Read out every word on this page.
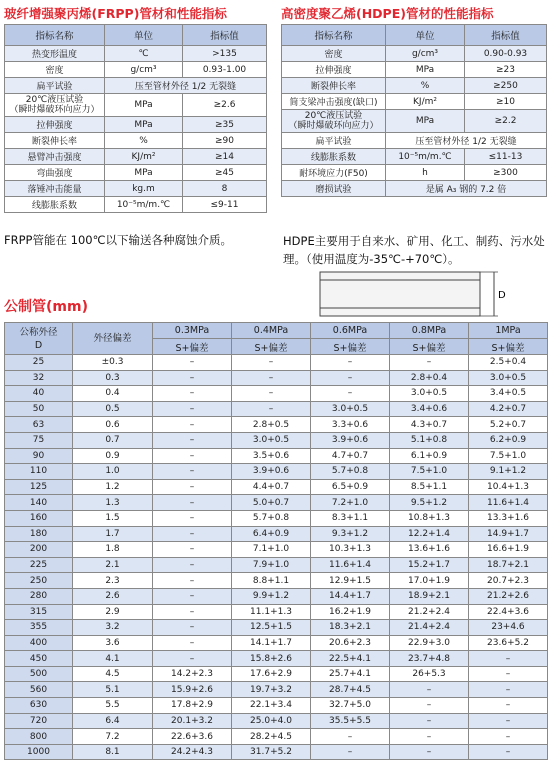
玻纤增强聚丙烯(FRPP)管材和性能指标
指标名称	单位	指标值
热变形温度	℃	>135
密度	g/cm³	0.93-1.00
扁平试验	压至管材外径 1/2 无裂缝	
20℃液压试验
（瞬时爆破环向应力）	MPa	≥2.6
拉伸强度	MPa	≥35
断裂伸长率	%	≥90
悬臂冲击强度	KJ/m²	≥14
弯曲强度	MPa	≥45
落锤冲击能量	kg.m	8
线膨胀系数	10⁻⁵m/m.℃	≤9-11
FRPP管能在 100℃以下输送各种腐蚀介质。
高密度聚乙烯(HDPE)管材的性能指标
指标名称	单位	指标值
密度	g/cm³	0.90-0.93
拉伸强度	MPa	≥23
断裂伸长率	%	≥250
简支梁冲击强度(缺口)	KJ/m²	≥10
20℃液压试验
（瞬时爆破环向应力）	MPa	≥2.2
扁平试验	压至管材外径 1/2 无裂缝	
线膨胀系数	10⁻⁵m/m.℃	≤11-13
耐环境应力(F50)	h	≥300
磨损试验	是属 A₃ 钢的 7.2 倍	
HDPE主要用于自来水、矿用、化工、制药、污水处理。（使用温度为-35℃-+70℃）。
D
公制管(mm)
公称外径
D	外径偏差	0.3MPa	0.4MPa	0.6MPa	0.8MPa	1MPa
		S+偏差	S+偏差	S+偏差	S+偏差	S+偏差
25	±0.3	–	–	–	–	2.5+0.4
32	0.3	–	–	–	2.8+0.4	3.0+0.5
40	0.4	–	–	–	3.0+0.5	3.4+0.5
50	0.5	–	–	3.0+0.5	3.4+0.6	4.2+0.7
63	0.6	–	2.8+0.5	3.3+0.6	4.3+0.7	5.2+0.7
75	0.7	–	3.0+0.5	3.9+0.6	5.1+0.8	6.2+0.9
90	0.9	–	3.5+0.6	4.7+0.7	6.1+0.9	7.5+1.0
110	1.0	–	3.9+0.6	5.7+0.8	7.5+1.0	9.1+1.2
125	1.2	–	4.4+0.7	6.5+0.9	8.5+1.1	10.4+1.3
140	1.3	–	5.0+0.7	7.2+1.0	9.5+1.2	11.6+1.4
160	1.5	–	5.7+0.8	8.3+1.1	10.8+1.3	13.3+1.6
180	1.7	–	6.4+0.9	9.3+1.2	12.2+1.4	14.9+1.7
200	1.8	–	7.1+1.0	10.3+1.3	13.6+1.6	16.6+1.9
225	2.1	–	7.9+1.0	11.6+1.4	15.2+1.7	18.7+2.1
250	2.3	–	8.8+1.1	12.9+1.5	17.0+1.9	20.7+2.3
280	2.6	–	9.9+1.2	14.4+1.7	18.9+2.1	21.2+2.6
315	2.9	–	11.1+1.3	16.2+1.9	21.2+2.4	22.4+3.6
355	3.2	–	12.5+1.5	18.3+2.1	21.4+2.4	23+4.6
400	3.6	–	14.1+1.7	20.6+2.3	22.9+3.0	23.6+5.2
450	4.1	–	15.8+2.6	22.5+4.1	23.7+4.8	–
500	4.5	14.2+2.3	17.6+2.9	25.7+4.1	26+5.3	–
560	5.1	15.9+2.6	19.7+3.2	28.7+4.5	–	–
630	5.5	17.8+2.9	22.1+3.4	32.7+5.0	–	–
720	6.4	20.1+3.2	25.0+4.0	35.5+5.5	–	–
800	7.2	22.6+3.6	28.2+4.5	–	–	–
1000	8.1	24.2+4.3	31.7+5.2	–	–	–
